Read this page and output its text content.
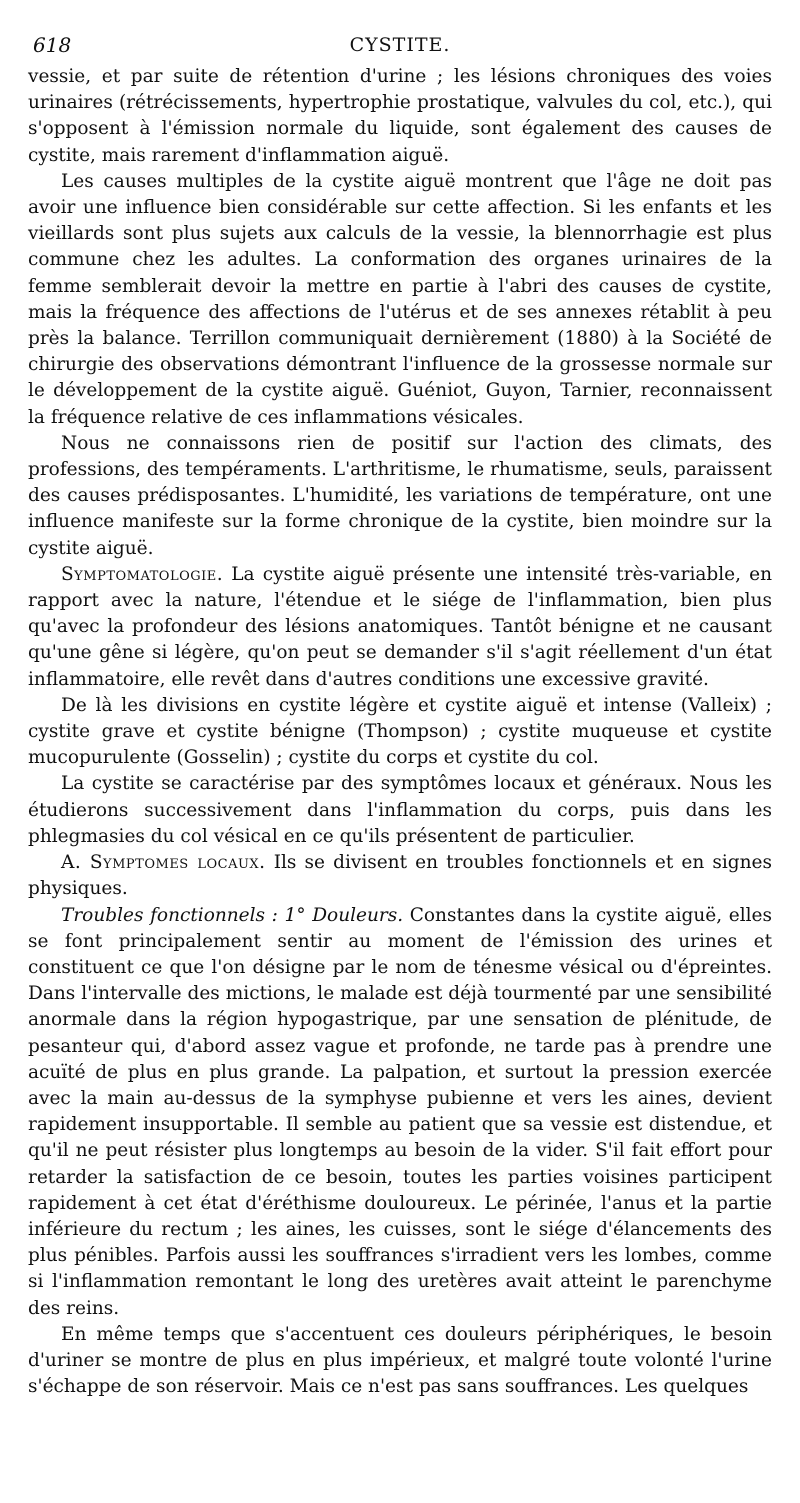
618	CYSTITE.

vessie, et par suite de rétention d'urine ; les lésions chroniques des voies urinaires (rétrécissements, hypertrophie prostatique, valvules du col, etc.), qui s'opposent à l'émission normale du liquide, sont également des causes de cystite, mais rarement d'inflammation aiguë.

Les causes multiples de la cystite aiguë montrent que l'âge ne doit pas avoir une influence bien considérable sur cette affection. Si les enfants et les vieillards sont plus sujets aux calculs de la vessie, la blennorrhagie est plus commune chez les adultes. La conformation des organes urinaires de la femme semblerait devoir la mettre en partie à l'abri des causes de cystite, mais la fréquence des affections de l'utérus et de ses annexes rétablit à peu près la balance. Terrillon communiquait dernièrement (1880) à la Société de chirurgie des observations démontrant l'influence de la grossesse normale sur le développement de la cystite aiguë. Guéniot, Guyon, Tarnier, reconnaissent la fréquence relative de ces inflammations vésicales.

Nous ne connaissons rien de positif sur l'action des climats, des professions, des tempéraments. L'arthritisme, le rhumatisme, seuls, paraissent des causes prédisposantes. L'humidité, les variations de température, ont une influence manifeste sur la forme chronique de la cystite, bien moindre sur la cystite aiguë.

Symptomatologie. La cystite aiguë présente une intensité très-variable, en rapport avec la nature, l'étendue et le siége de l'inflammation, bien plus qu'avec la profondeur des lésions anatomiques. Tantôt bénigne et ne causant qu'une gêne si légère, qu'on peut se demander s'il s'agit réellement d'un état inflammatoire, elle revêt dans d'autres conditions une excessive gravité.

De là les divisions en cystite légère et cystite aiguë et intense (Valleix) ; cystite grave et cystite bénigne (Thompson) ; cystite muqueuse et cystite mucopurulente (Gosselin) ; cystite du corps et cystite du col.

La cystite se caractérise par des symptômes locaux et généraux. Nous les étudierons successivement dans l'inflammation du corps, puis dans les phlegmasies du col vésical en ce qu'ils présentent de particulier.

A. Symptomes locaux. Ils se divisent en troubles fonctionnels et en signes physiques.

Troubles fonctionnels : 1° Douleurs. Constantes dans la cystite aiguë, elles se font principalement sentir au moment de l'émission des urines et constituent ce que l'on désigne par le nom de ténesme vésical ou d'épreintes. Dans l'intervalle des mictions, le malade est déjà tourmenté par une sensibilité anormale dans la région hypogastrique, par une sensation de plénitude, de pesanteur qui, d'abord assez vague et profonde, ne tarde pas à prendre une acuïté de plus en plus grande. La palpation, et surtout la pression exercée avec la main au-dessus de la symphyse pubienne et vers les aines, devient rapidement insupportable. Il semble au patient que sa vessie est distendue, et qu'il ne peut résister plus longtemps au besoin de la vider. S'il fait effort pour retarder la satisfaction de ce besoin, toutes les parties voisines participent rapidement à cet état d'éréthisme douloureux. Le périnée, l'anus et la partie inférieure du rectum ; les aines, les cuisses, sont le siége d'élancements des plus pénibles. Parfois aussi les souffrances s'irradient vers les lombes, comme si l'inflammation remontant le long des uretères avait atteint le parenchyme des reins.

En même temps que s'accentuent ces douleurs périphériques, le besoin d'uriner se montre de plus en plus impérieux, et malgré toute volonté l'urine s'échappe de son réservoir. Mais ce n'est pas sans souffrances. Les quelques
